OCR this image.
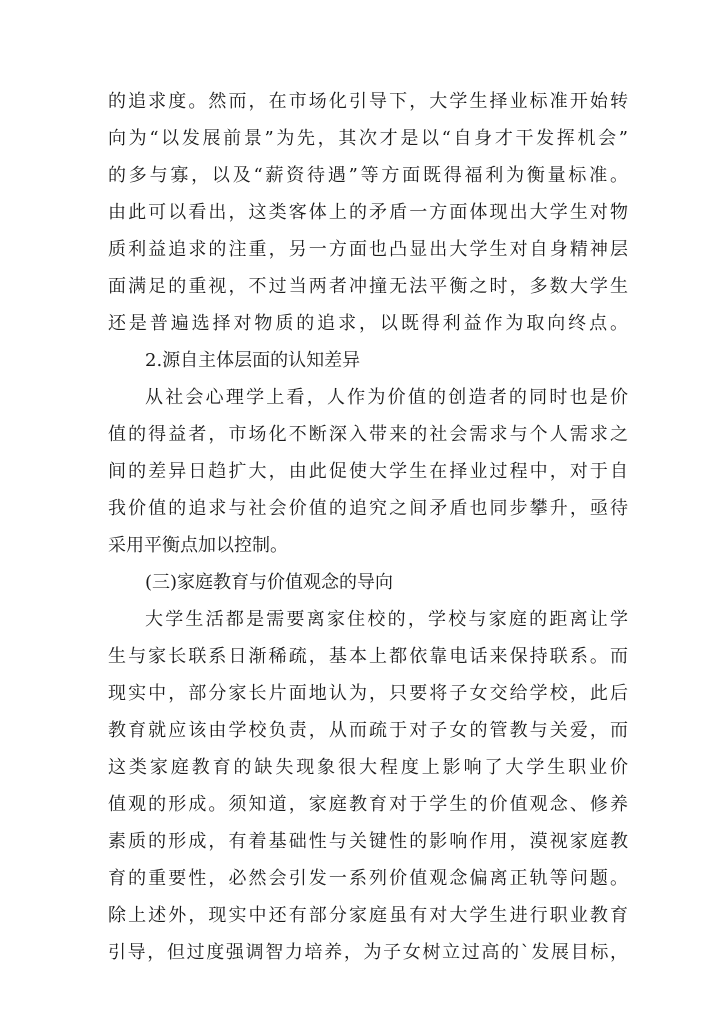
的追求度。然而，在市场化引导下，大学生择业标准开始转
向为“以发展前景”为先，其次才是以“自身才干发挥机会”
的多与寡，以及“薪资待遇”等方面既得福利为衡量标准。
由此可以看出，这类客体上的矛盾一方面体现出大学生对物
质利益追求的注重，另一方面也凸显出大学生对自身精神层
面满足的重视，不过当两者冲撞无法平衡之时，多数大学生
还是普遍选择对物质的追求，以既得利益作为取向终点。
2.源自主体层面的认知差异
从社会心理学上看，人作为价值的创造者的同时也是价
值的得益者，市场化不断深入带来的社会需求与个人需求之
间的差异日趋扩大，由此促使大学生在择业过程中，对于自
我价值的追求与社会价值的追究之间矛盾也同步攀升，亟待
采用平衡点加以控制。
(三)家庭教育与价值观念的导向
大学生活都是需要离家住校的，学校与家庭的距离让学
生与家长联系日渐稀疏，基本上都依靠电话来保持联系。而
现实中，部分家长片面地认为，只要将子女交给学校，此后
教育就应该由学校负责，从而疏于对子女的管教与关爱，而
这类家庭教育的缺失现象很大程度上影响了大学生职业价
值观的形成。须知道，家庭教育对于学生的价值观念、修养
素质的形成，有着基础性与关键性的影响作用，漠视家庭教
育的重要性，必然会引发一系列价值观念偏离正轨等问题。
除上述外，现实中还有部分家庭虽有对大学生进行职业教育
引导，但过度强调智力培养，为子女树立过高的`发展目标，
